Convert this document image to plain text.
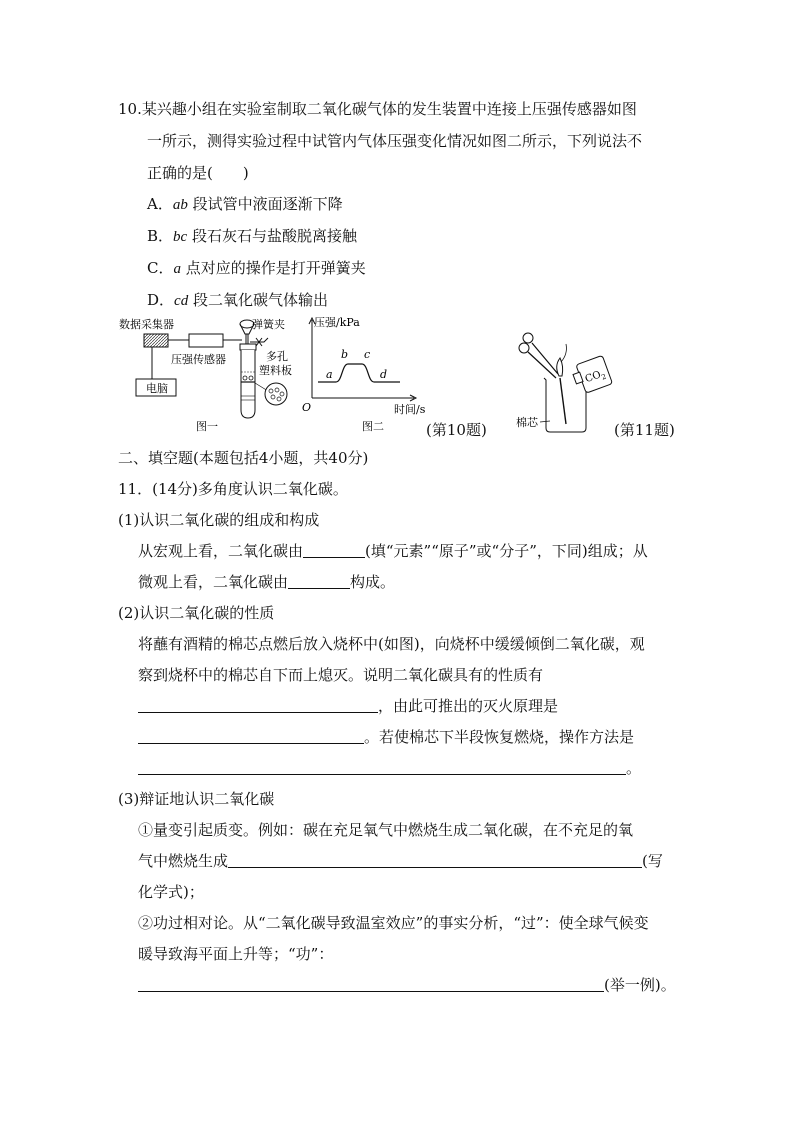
10.某兴趣小组在实验室制取二氧化碳气体的发生装置中连接上压强传感器如图
一所示，测得实验过程中试管内气体压强变化情况如图二所示，下列说法不
正确的是(　　)
A．ab 段试管中液面逐渐下降
B．bc 段石灰石与盐酸脱离接触
C．a 点对应的操作是打开弹簧夹
D．cd 段二氧化碳气体输出
数据采集器
压强传感器
电脑
弹簧夹
多孔
塑料板
图一
压强/kPa
O	时间/s
a
b c
d
图二	(第10题)
$CO_2$
棉芯	(第11题)
二、填空题(本题包括4小题，共40分)
11．(14分)多角度认识二氧化碳。
(1)认识二氧化碳的组成和构成
从宏观上看，二氧化碳由	(填“元素”“原子”或“分子”，下同)组成；从
微观上看，二氧化碳由	构成。
(2)认识二氧化碳的性质
将蘸有酒精的棉芯点燃后放入烧杯中(如图)，向烧杯中缓缓倾倒二氧化碳，观
察到烧杯中的棉芯自下而上熄灭。说明二氧化碳具有的性质有
，由此可推出的灭火原理是
。若使棉芯下半段恢复燃烧，操作方法是
。
(3)辩证地认识二氧化碳
①量变引起质变。例如：碳在充足氧气中燃烧生成二氧化碳，在不充足的氧
气中燃烧生成	(写
化学式)；
②功过相对论。从“二氧化碳导致温室效应”的事实分析，“过”：使全球气候变
暖导致海平面上升等；“功”：
(举一例)。
